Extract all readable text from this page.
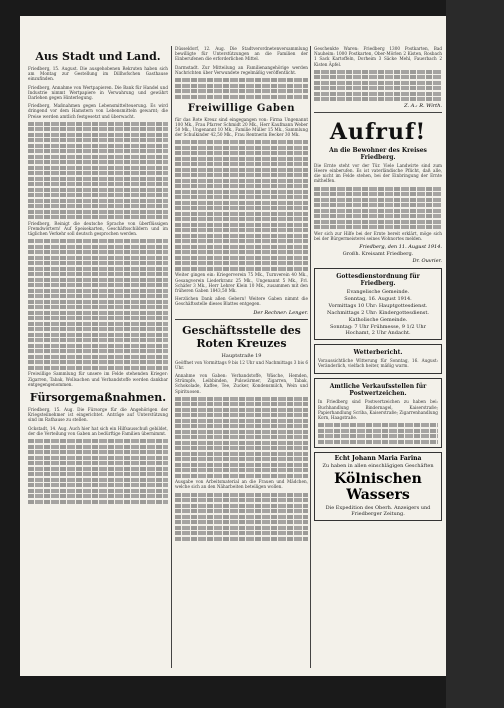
Aus Stadt und Land.

Friedberg, 15. August. Die ausgehobenen Rekruten haben sich am Montag zur Gestellung im Dillhofschen Gasthause einzufinden.

Friedberg, Annahme von Wertpapieren. Die Bank für Handel und Industrie nimmt Wertpapiere in Verwahrung und gewährt Darlehen gegen Hinterlegung.

Friedberg, Maßnahmen gegen Lebensmittelteuerung. Es wird dringend vor dem Hamstern von Lebensmitteln gewarnt; die Preise werden amtlich festgesetzt und überwacht.

Friedberg, Reinigt die deutsche Sprache von überflüssigen Fremdwörtern! Auf Speisekarten, Geschäftsschildern und im täglichen Verkehr soll deutsch gesprochen werden.

Freiwillige Sammlung für unsere im Felde stehenden Krieger: Zigarren, Tabak, Wollsachen und Verbandstoffe werden dankbar entgegengenommen.

Fürsorgemaßnahmen.

Friedberg, 15. Aug. Die Fürsorge für die Angehörigen der Kriegsteilnehmer ist eingerichtet. Anträge auf Unterstützung sind im Rathause zu stellen.

Ockstadt, 14. Aug. Auch hier hat sich ein Hilfsausschuß gebildet, der die Verteilung von Gaben an bedürftige Familien übernimmt.

Düsseldorf, 12. Aug. Die Stadtverordnetenversammlung bewilligte für Unterstützungen an die Familien der Einberufenen die erforderlichen Mittel.

Darmstadt. Zur Mitteilung an Familienangehörige werden Nachrichten über Verwundete regelmäßig veröffentlicht.

Freiwillige Gaben

für das Rote Kreuz sind eingegangen von: Firma Ungenannt 100 Mk., Frau Pfarrer Schmidt 20 Mk., Herr Kaufmann Weber 50 Mk., Ungenannt 10 Mk., Familie Müller 15 Mk., Sammlung der Schulkinder 42,50 Mk., Frau Rentnerin Becker 30 Mk.

Weiter gingen ein: Kriegerverein 75 Mk., Turnverein 40 Mk., Gesangverein Liederkranz 25 Mk., Ungenannt 5 Mk., Frl. Schäfer 3 Mk., Herr Lehrer Klein 10 Mk., zusammen mit den früheren Gaben 1843,50 Mk.

Herzlichen Dank allen Gebern! Weitere Gaben nimmt die Geschäftsstelle dieses Blattes entgegen.

Der Rechner: Lenger.
Geschäftsstelle des Roten Kreuzes
Hauptstraße 19

Geöffnet von Vormittags 9 bis 12 Uhr und Nachmittags 3 bis 6 Uhr.

Annahme von Gaben: Verbandstoffe, Wäsche, Hemden, Strümpfe, Leibbinden, Pulswärmer, Zigarren, Tabak, Schokolade, Kaffee, Tee, Zucker, Kondensmilch, Wein und Spirituosen.

Ausgabe von Arbeitsmaterial an die Frauen und Mädchen, welche sich an den Näharbeiten beteiligen wollen.

Geschenkte Waren: Friedberg 1300 Postkarten, Bad Nauheim: 1000 Postkarten, Ober-Mörlen 2 Kisten, Rosbach 1 Sack Kartoffeln, Dorheim 3 Säcke Mehl, Fauerbach 2 Kisten Äpfel.

Z. A.: R. Wirth.
Aufruf!
An die Bewohner des Kreises Friedberg.

Die Ernte steht vor der Tür. Viele Landwirte sind zum Heere einberufen. Es ist vaterländische Pflicht, daß alle, die nicht im Felde stehen, bei der Einbringung der Ernte mithelfen.

Wer sich zur Hilfe bei der Ernte bereit erklärt, möge sich bei der Bürgermeisterei seines Wohnortes melden.

Friedberg, den 11. August 1914.
Großh. Kreisamt Friedberg.
Dr. Ouvrier.
Gottesdienstordnung für Friedberg.
Evangelische Gemeinde.
Sonntag, 16. August 1914.
Vormittags 10 Uhr: Hauptgottesdienst.
Nachmittags 2 Uhr: Kindergottesdienst.
Katholische Gemeinde.
Sonntag: 7 Uhr Frühmesse, 9 1/2 Uhr Hochamt, 2 Uhr Andacht.
Wetterbericht.

Voraussichtliche Witterung für Sonntag, 16. August: Veränderlich, vielfach heiter, mäßig warm.

Amtliche Verkaufsstellen für Postwertzeichen.

In Friedberg sind Postwertzeichen zu haben bei: Buchhandlung Bindernagel, Kaiserstraße; Papierhandlung Scriba, Kaiserstraße; Zigarrenhandlung Korn, Haagstraße.

Echt Johann Maria Farina
Zu haben in allen einschlägigen Geschäften
Kölnischen Wassers
Die Expedition des Oberh. Anzeigers und Friedberger Zeitung.
